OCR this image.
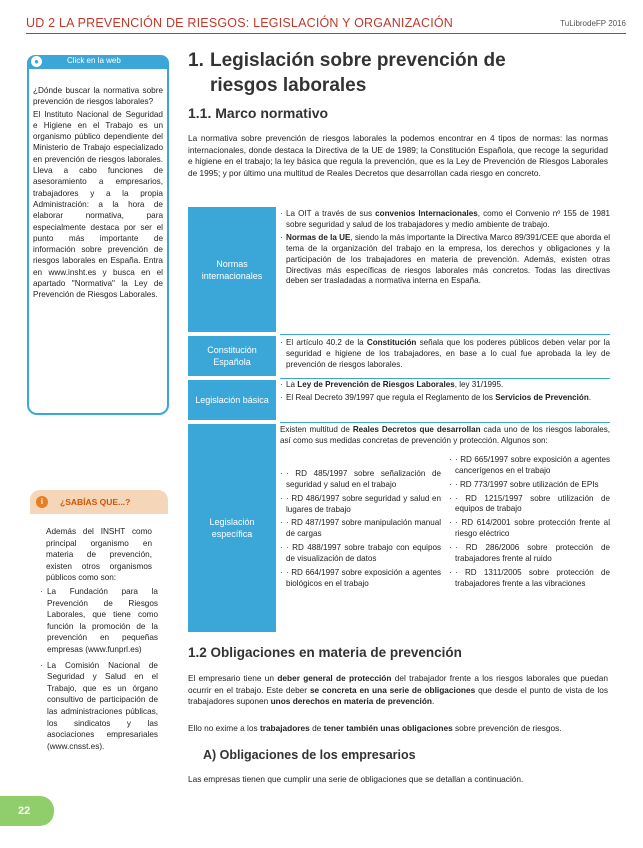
UD 2 LA PREVENCIÓN DE RIESGOS: LEGISLACIÓN Y ORGANIZACIÓN	TuLibrodeFP 2016
●	Click en la web

¿Dónde buscar la normativa sobre prevención de riesgos laborales?

El Instituto Nacional de Seguridad e Higiene en el Trabajo es un organismo público dependiente del Ministerio de Trabajo especializado en prevención de riesgos laborales. Lleva a cabo funciones de asesoramiento a empresarios, trabajadores y a la propia Administración: a la hora de elaborar normativa, para especialmente destaca por ser el punto más importante de información sobre prevención de riesgos laborales en España. Entra en www.insht.es y busca en el apartado "Normativa" la Ley de Prevención de Riesgos Laborales.

i	¿SABÍAS QUE...?

Además del INSHT como principal organismo en materia de prevención, existen otros organismos públicos como son:

· La Fundación para la Prevención de Riesgos Laborales, que tiene como función la promoción de la prevención en pequeñas empresas (www.funprl.es)
· La Comisión Nacional de Seguridad y Salud en el Trabajo, que es un órgano consultivo de participación de las administraciones públicas, los sindicatos y las asociaciones empresariales (www.cnsst.es).
22
1. Legislación sobre prevención de
riesgos laborales
1.1. Marco normativo

La normativa sobre prevención de riesgos laborales la podemos encontrar en 4 tipos de normas: las normas internacionales, donde destaca la Directiva de la UE de 1989; la Constitución Española, que recoge la seguridad e higiene en el trabajo; la ley básica que regula la prevención, que es la Ley de Prevención de Riesgos Laborales de 1995; y por último una multitud de Reales Decretos que desarrollan cada riesgo en concreto.

Normas internacionales
· La OIT a través de sus convenios Internacionales, como el Convenio nº 155 de 1981 sobre seguridad y salud de los trabajadores y medio ambiente de trabajo.
· Normas de la UE, siendo la más importante la Directiva Marco 89/391/CEE que aborda el tema de la organización del trabajo en la empresa, los derechos y obligaciones y la participación de los trabajadores en materia de prevención. Además, existen otras Directivas más específicas de riesgos laborales más concretos. Todas las directivas deben ser trasladadas a normativa interna en España.
Constitución Española
· El artículo 40.2 de la Constitución señala que los poderes públicos deben velar por la seguridad e higiene de los trabajadores, en base a lo cual fue aprobada la ley de prevención de riesgos laborales.
Legislación básica
· La Ley de Prevención de Riesgos Laborales, ley 31/1995.
· El Real Decreto 39/1997 que regula el Reglamento de los Servicios de Prevención.
Legislación específica

Existen multitud de Reales Decretos que desarrollan cada uno de los riesgos laborales, así como sus medidas concretas de prevención y protección. Algunos son:

· · RD 485/1997 sobre señalización de seguridad y salud en el trabajo
· · RD 486/1997 sobre seguridad y salud en lugares de trabajo
· · RD 487/1997 sobre manipulación manual de cargas
· · RD 488/1997 sobre trabajo con equipos de visualización de datos
· · RD 664/1997 sobre exposición a agentes biológicos en el trabajo
· · RD 665/1997 sobre exposición a agentes cancerígenos en el trabajo
· · RD 773/1997 sobre utilización de EPIs
· · RD 1215/1997 sobre utilización de equipos de trabajo
· · RD 614/2001 sobre protección frente al riesgo eléctrico
· · RD 286/2006 sobre protección de trabajadores frente al ruido
· · RD 1311/2005 sobre protección de trabajadores frente a las vibraciones
1.2 Obligaciones en materia de prevención

El empresario tiene un deber general de protección del trabajador frente a los riesgos laborales que puedan ocurrir en el trabajo. Este deber se concreta en una serie de obligaciones que desde el punto de vista de los trabajadores suponen unos derechos en materia de prevención.

Ello no exime a los trabajadores de tener también unas obligaciones sobre prevención de riesgos.

A) Obligaciones de los empresarios

Las empresas tienen que cumplir una serie de obligaciones que se detallan a continuación.
